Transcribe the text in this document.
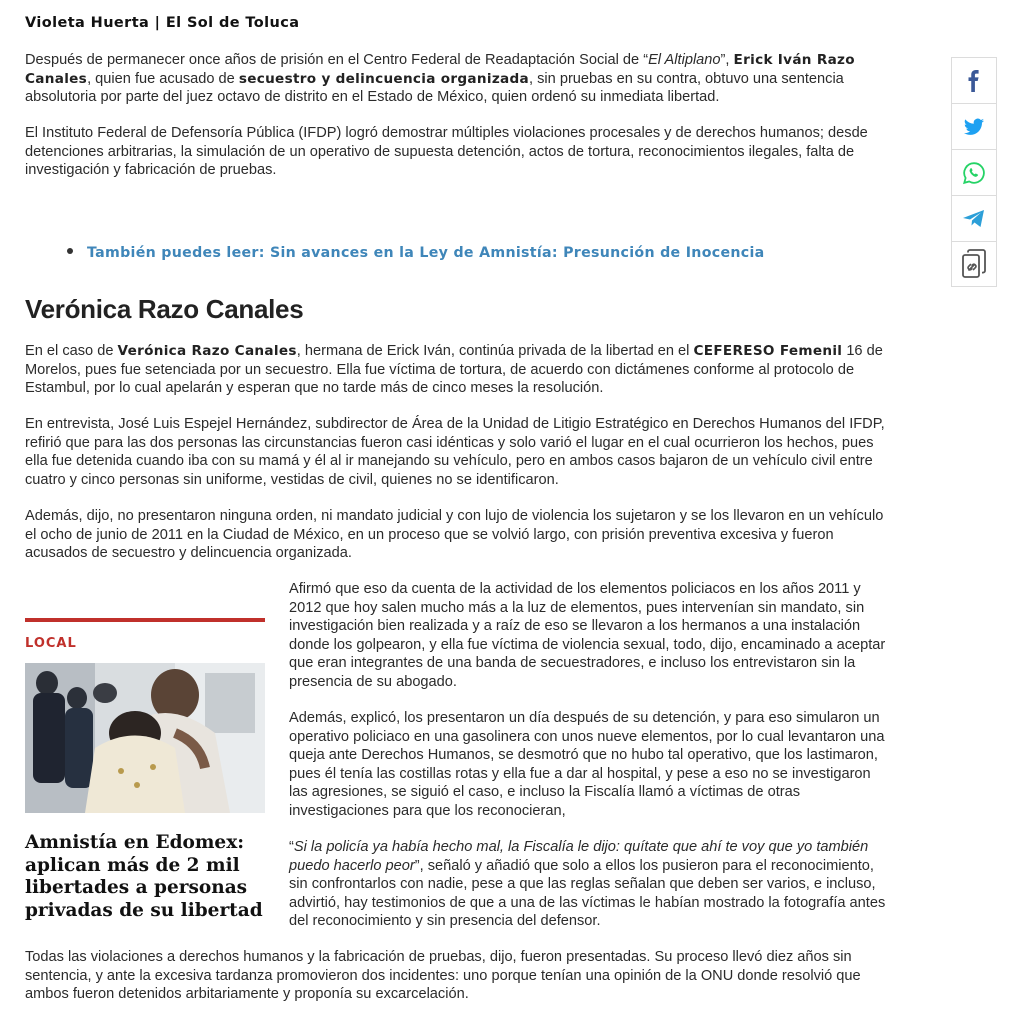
Violeta Huerta | El Sol de Toluca

Después de permanecer once años de prisión en el Centro Federal de Readaptación Social de “El Altiplano”, Erick Iván Razo Canales, quien fue acusado de secuestro y delincuencia organizada, sin pruebas en su contra, obtuvo una sentencia absolutoria por parte del juez octavo de distrito en el Estado de México, quien ordenó su inmediata libertad.

El Instituto Federal de Defensoría Pública (IFDP) logró demostrar múltiples violaciones procesales y de derechos humanos; desde detenciones arbitrarias, la simulación de un operativo de supuesta detención, actos de tortura, reconocimientos ilegales, falta de investigación y fabricación de pruebas.

También puedes leer: Sin avances en la Ley de Amnistía: Presunción de Inocencia
Verónica Razo Canales

En el caso de Verónica Razo Canales, hermana de Erick Iván, continúa privada de la libertad en el CEFERESO Femenil 16 de Morelos, pues fue setenciada por un secuestro. Ella fue víctima de tortura, de acuerdo con dictámenes conforme al protocolo de Estambul, por lo cual apelarán y esperan que no tarde más de cinco meses la resolución.

En entrevista, José Luis Espejel Hernández, subdirector de Área de la Unidad de Litigio Estratégico en Derechos Humanos del IFDP, refirió que para las dos personas las circunstancias fueron casi idénticas y solo varió el lugar en el cual ocurrieron los hechos, pues ella fue detenida cuando iba con su mamá y él al ir manejando su vehículo, pero en ambos casos bajaron de un vehículo civil entre cuatro y cinco personas sin uniforme, vestidas de civil, quienes no se identificaron.

Además, dijo, no presentaron ninguna orden, ni mandato judicial y con lujo de violencia los sujetaron y se los llevaron en un vehículo el ocho de junio de 2011 en la Ciudad de México, en un proceso que se volvió largo, con prisión preventiva excesiva y fueron acusados de secuestro y delincuencia organizada.

Afirmó que eso da cuenta de la actividad de los elementos policiacos en los años 2011 y 2012 que hoy salen mucho más a la luz de elementos, pues intervenían sin mandato, sin investigación bien realizada y a raíz de eso se llevaron a los hermanos a una instalación donde los golpearon, y ella fue víctima de violencia sexual, todo, dijo, encaminado a aceptar que eran integrantes de una banda de secuestradores, e incluso los entrevistaron sin la presencia de su abogado.

Además, explicó, los presentaron un día después de su detención, y para eso simularon un operativo policiaco en una gasolinera con unos nueve elementos, por lo cual levantaron una queja ante Derechos Humanos, se desmotró que no hubo tal operativo, que los lastimaron, pues él tenía las costillas rotas y ella fue a dar al hospital, y pese a eso no se investigaron las agresiones, se siguió el caso, e incluso la Fiscalía llamó a víctimas de otras investigaciones para que los reconocieran,

“Si la policía ya había hecho mal, la Fiscalía le dijo: quítate que ahí te voy que yo también puedo hacerlo peor”, señaló y añadió que solo a ellos los pusieron para el reconocimiento, sin confrontarlos con nadie, pese a que las reglas señalan que deben ser varios, e incluso, advirtió, hay testimonios de que a una de las víctimas le habían mostrado la fotografía antes del reconocimiento y sin presencia del defensor.

Todas las violaciones a derechos humanos y la fabricación de pruebas, dijo, fueron presentadas. Su proceso llevó diez años sin sentencia, y ante la excesiva tardanza promovieron dos incidentes: uno porque tenían una opinión de la ONU donde resolvió que ambos fueron detenidos arbitariamente y proponía su excarcelación.

LOCAL
Amnistía en Edomex: aplican más de 2 mil libertades a personas privadas de su libertad
